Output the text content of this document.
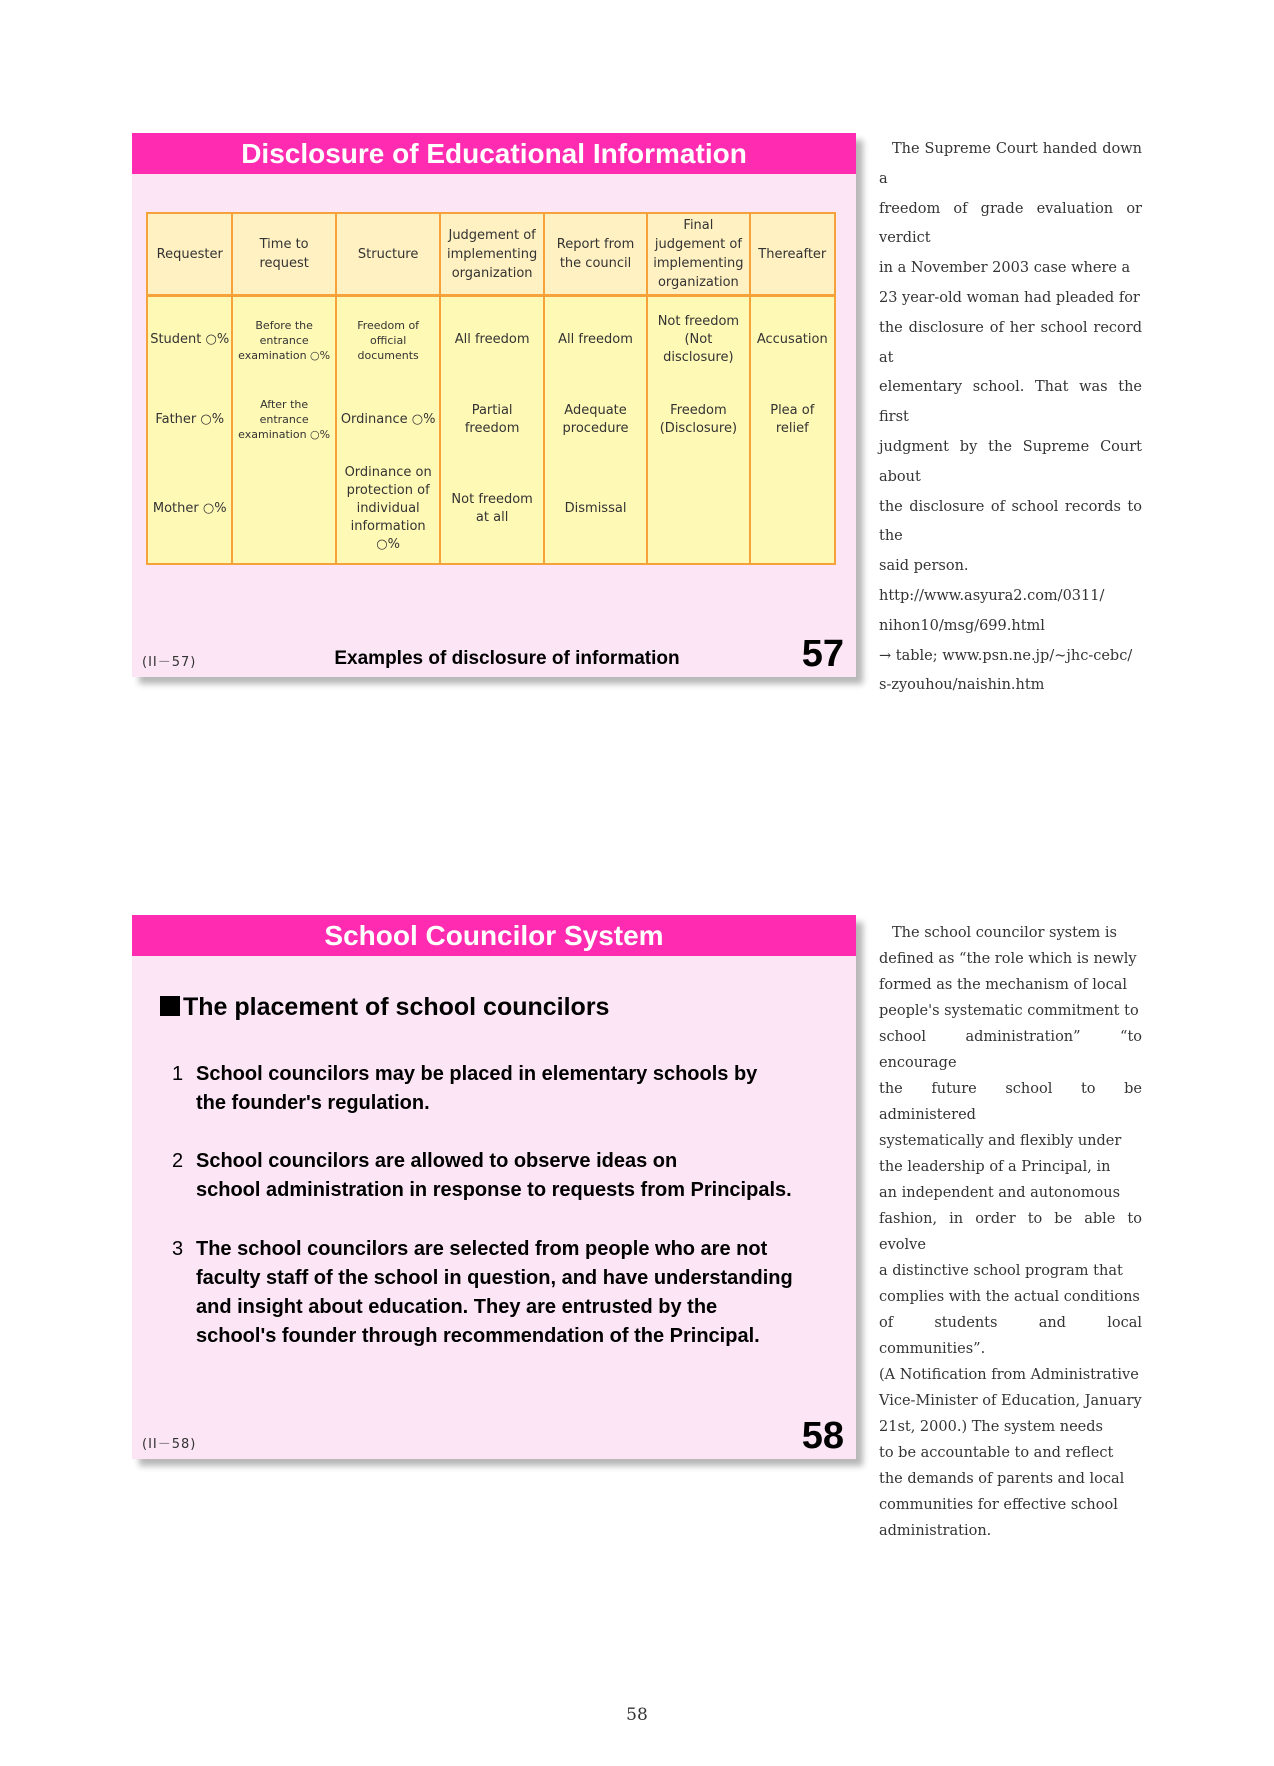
Disclosure of Educational Information
Requester	Time to request	Structure	Judgement of implementing organization	Report from the council	Final judgement of implementing organization	Thereafter
Student ○%	Before the entrance examination ○%	Freedom of official documents	All freedom	All freedom	Not freedom (Not disclosure)	Accusation
Father ○%	After the entrance examination ○%	Ordinance ○%	Partial freedom	Adequate procedure	Freedom (Disclosure)	Plea of relief
Mother ○%		Ordinance on protection of individual information ○%	Not freedom at all	Dismissal		
(II－57)	Examples of disclosure of information	57
The Supreme Court handed down a
freedom of grade evaluation or verdict
in a November 2003 case where a
23 year-old woman had pleaded for
the disclosure of her school record at
elementary school. That was the first
judgment by the Supreme Court about
the disclosure of school records to the
said person.
http://www.asyura2.com/0311/
nihon10/msg/699.html
→ table; www.psn.ne.jp/~jhc-cebc/
s-zyouhou/naishin.htm
School Councilor System
The placement of school councilors
1 School councilors may be placed in elementary schools by
the founder's regulation.
2 School councilors are allowed to observe ideas on
school administration in response to requests from Principals.
3 The school councilors are selected from people who are not
faculty staff of the school in question, and have understanding
and insight about education. They are entrusted by the
school's founder through recommendation of the Principal.
(II－58)	58
The school councilor system is
defined as “the role which is newly
formed as the mechanism of local
people's systematic commitment to
school administration” “to encourage
the future school to be administered
systematically and flexibly under
the leadership of a Principal, in
an independent and autonomous
fashion, in order to be able to evolve
a distinctive school program that
complies with the actual conditions
of students and local communities”.
(A Notification from Administrative
Vice-Minister of Education, January
21st, 2000.) The system needs
to be accountable to and reflect
the demands of parents and local
communities for effective school
administration.
58
